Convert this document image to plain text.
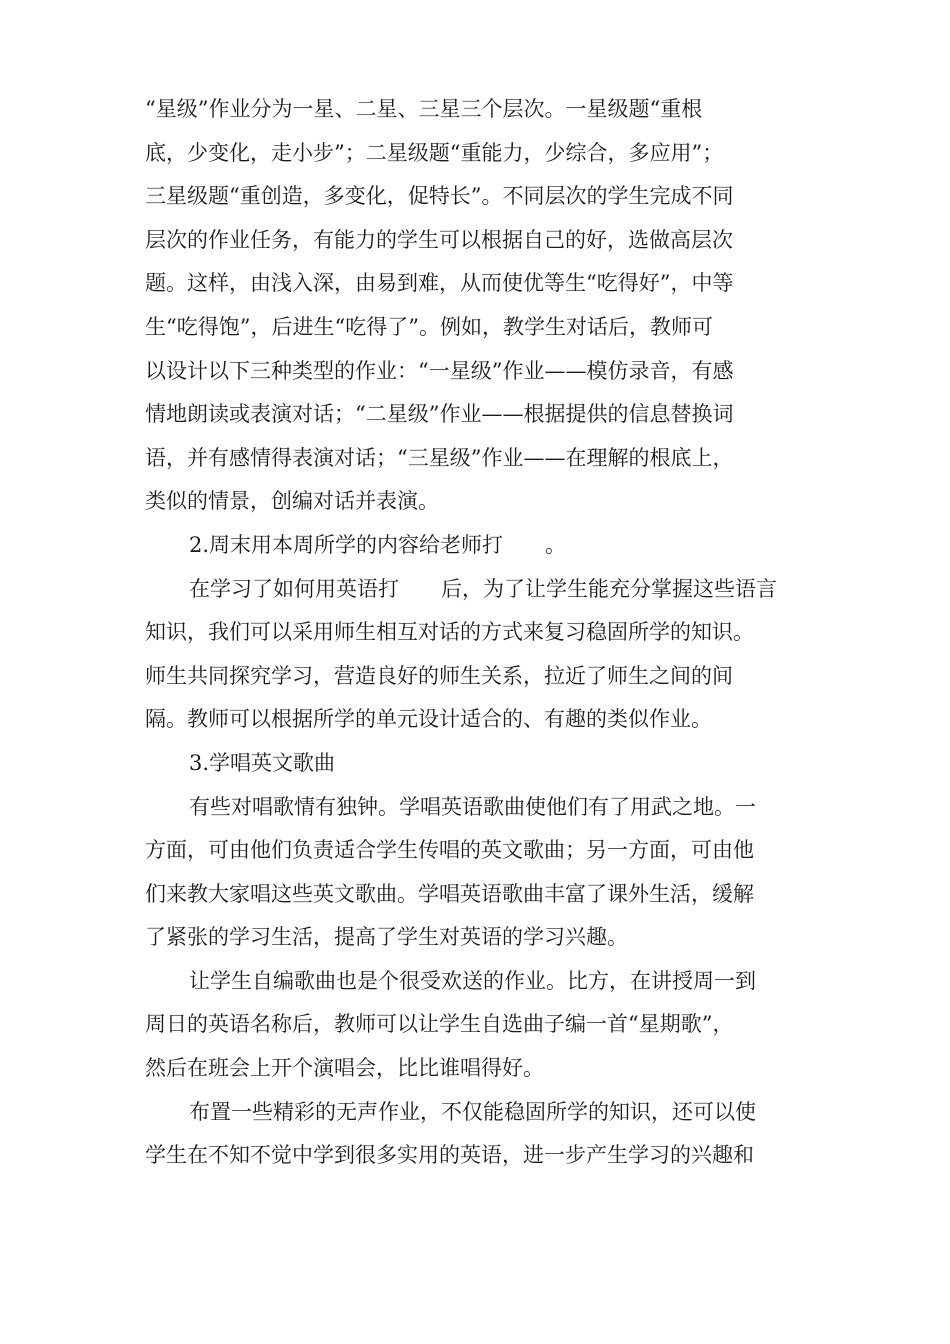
“星级”作业分为一星、二星、三星三个层次。一星级题“重根
底，少变化，走小步”；二星级题“重能力，少综合，多应用”；
三星级题“重创造，多变化，促特长”。不同层次的学生完成不同
层次的作业任务，有能力的学生可以根据自己的好，选做高层次
题。这样，由浅入深，由易到难，从而使优等生“吃得好”，中等
生“吃得饱”，后进生“吃得了”。例如，教学生对话后，教师可
以设计以下三种类型的作业：“一星级”作业——模仿录音，有感
情地朗读或表演对话；“二星级”作业——根据提供的信息替换词
语，并有感情得表演对话；“三星级”作业——在理解的根底上，
类似的情景，创编对话并表演。
2.周末用本周所学的内容给老师打　　。
在学习了如何用英语打　　后，为了让学生能充分掌握这些语言
知识，我们可以采用师生相互对话的方式来复习稳固所学的知识。
师生共同探究学习，营造良好的师生关系，拉近了师生之间的间
隔。教师可以根据所学的单元设计适合的、有趣的类似作业。
3.学唱英文歌曲
有些对唱歌情有独钟。学唱英语歌曲使他们有了用武之地。一
方面，可由他们负责适合学生传唱的英文歌曲；另一方面，可由他
们来教大家唱这些英文歌曲。学唱英语歌曲丰富了课外生活，缓解
了紧张的学习生活，提高了学生对英语的学习兴趣。
让学生自编歌曲也是个很受欢送的作业。比方，在讲授周一到
周日的英语名称后，教师可以让学生自选曲子编一首“星期歌”，
然后在班会上开个演唱会，比比谁唱得好。
布置一些精彩的无声作业，不仅能稳固所学的知识，还可以使
学生在不知不觉中学到很多实用的英语，进一步产生学习的兴趣和
